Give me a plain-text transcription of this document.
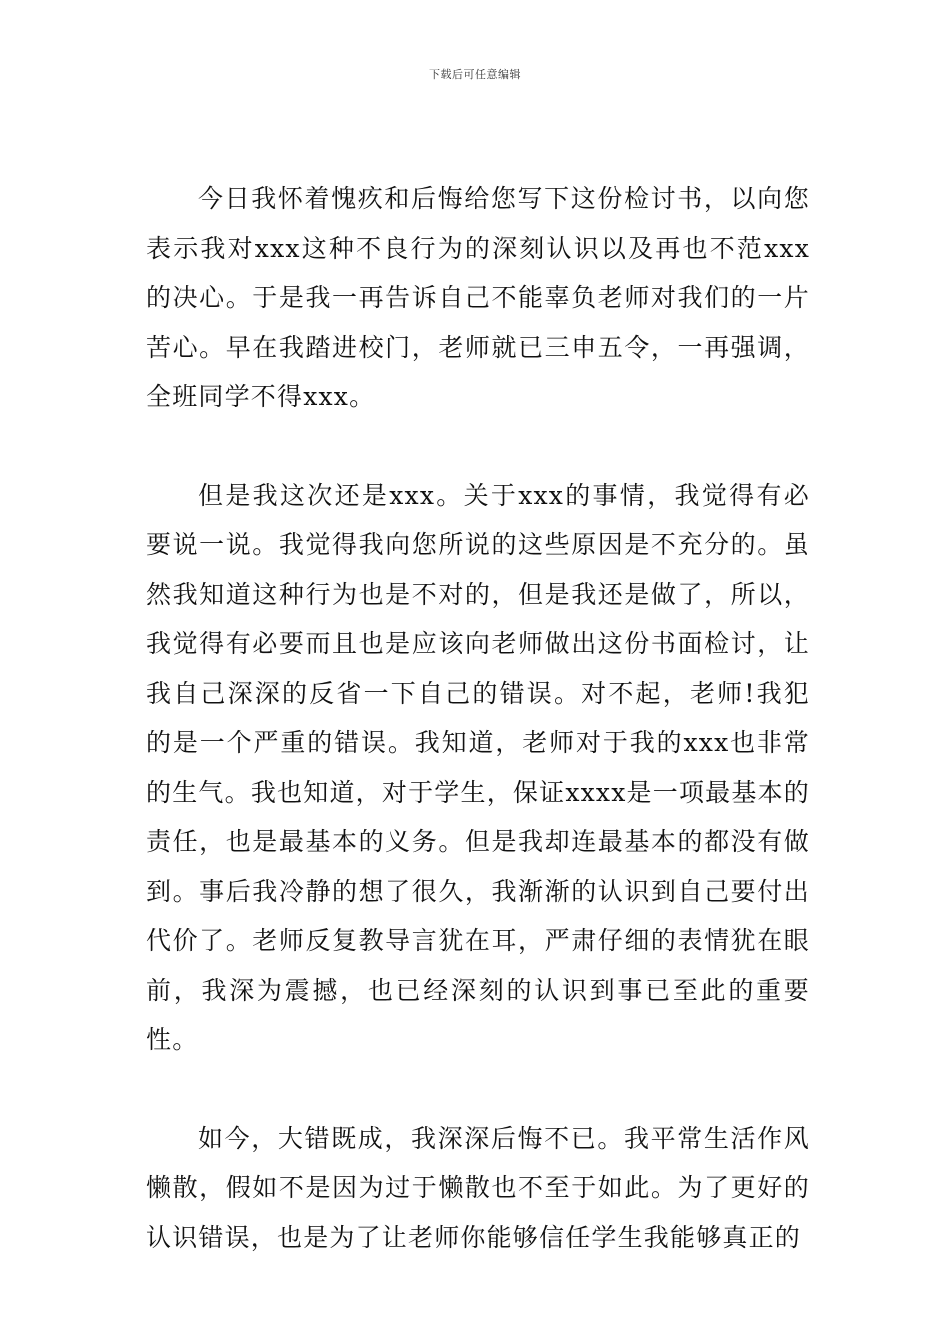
下载后可任意编辑

今日我怀着愧疚和后悔给您写下这份检讨书，以向您表示我对xxx这种不良行为的深刻认识以及再也不范xxx的决心。于是我一再告诉自己不能辜负老师对我们的一片苦心。早在我踏进校门，老师就已三申五令，一再强调，全班同学不得xxx。

但是我这次还是xxx。关于xxx的事情，我觉得有必要说一说。我觉得我向您所说的这些原因是不充分的。虽然我知道这种行为也是不对的，但是我还是做了，所以，我觉得有必要而且也是应该向老师做出这份书面检讨，让我自己深深的反省一下自己的错误。对不起，老师!我犯的是一个严重的错误。我知道，老师对于我的xxx也非常的生气。我也知道，对于学生，保证xxxx是一项最基本的责任，也是最基本的义务。但是我却连最基本的都没有做到。事后我冷静的想了很久，我渐渐的认识到自己要付出代价了。老师反复教导言犹在耳，严肃仔细的表情犹在眼前，我深为震撼，也已经深刻的认识到事已至此的重要性。

如今，大错既成，我深深后悔不已。我平常生活作风懒散，假如不是因为过于懒散也不至于如此。为了更好的认识错误，也是为了让老师你能够信任学生我能够真正的
